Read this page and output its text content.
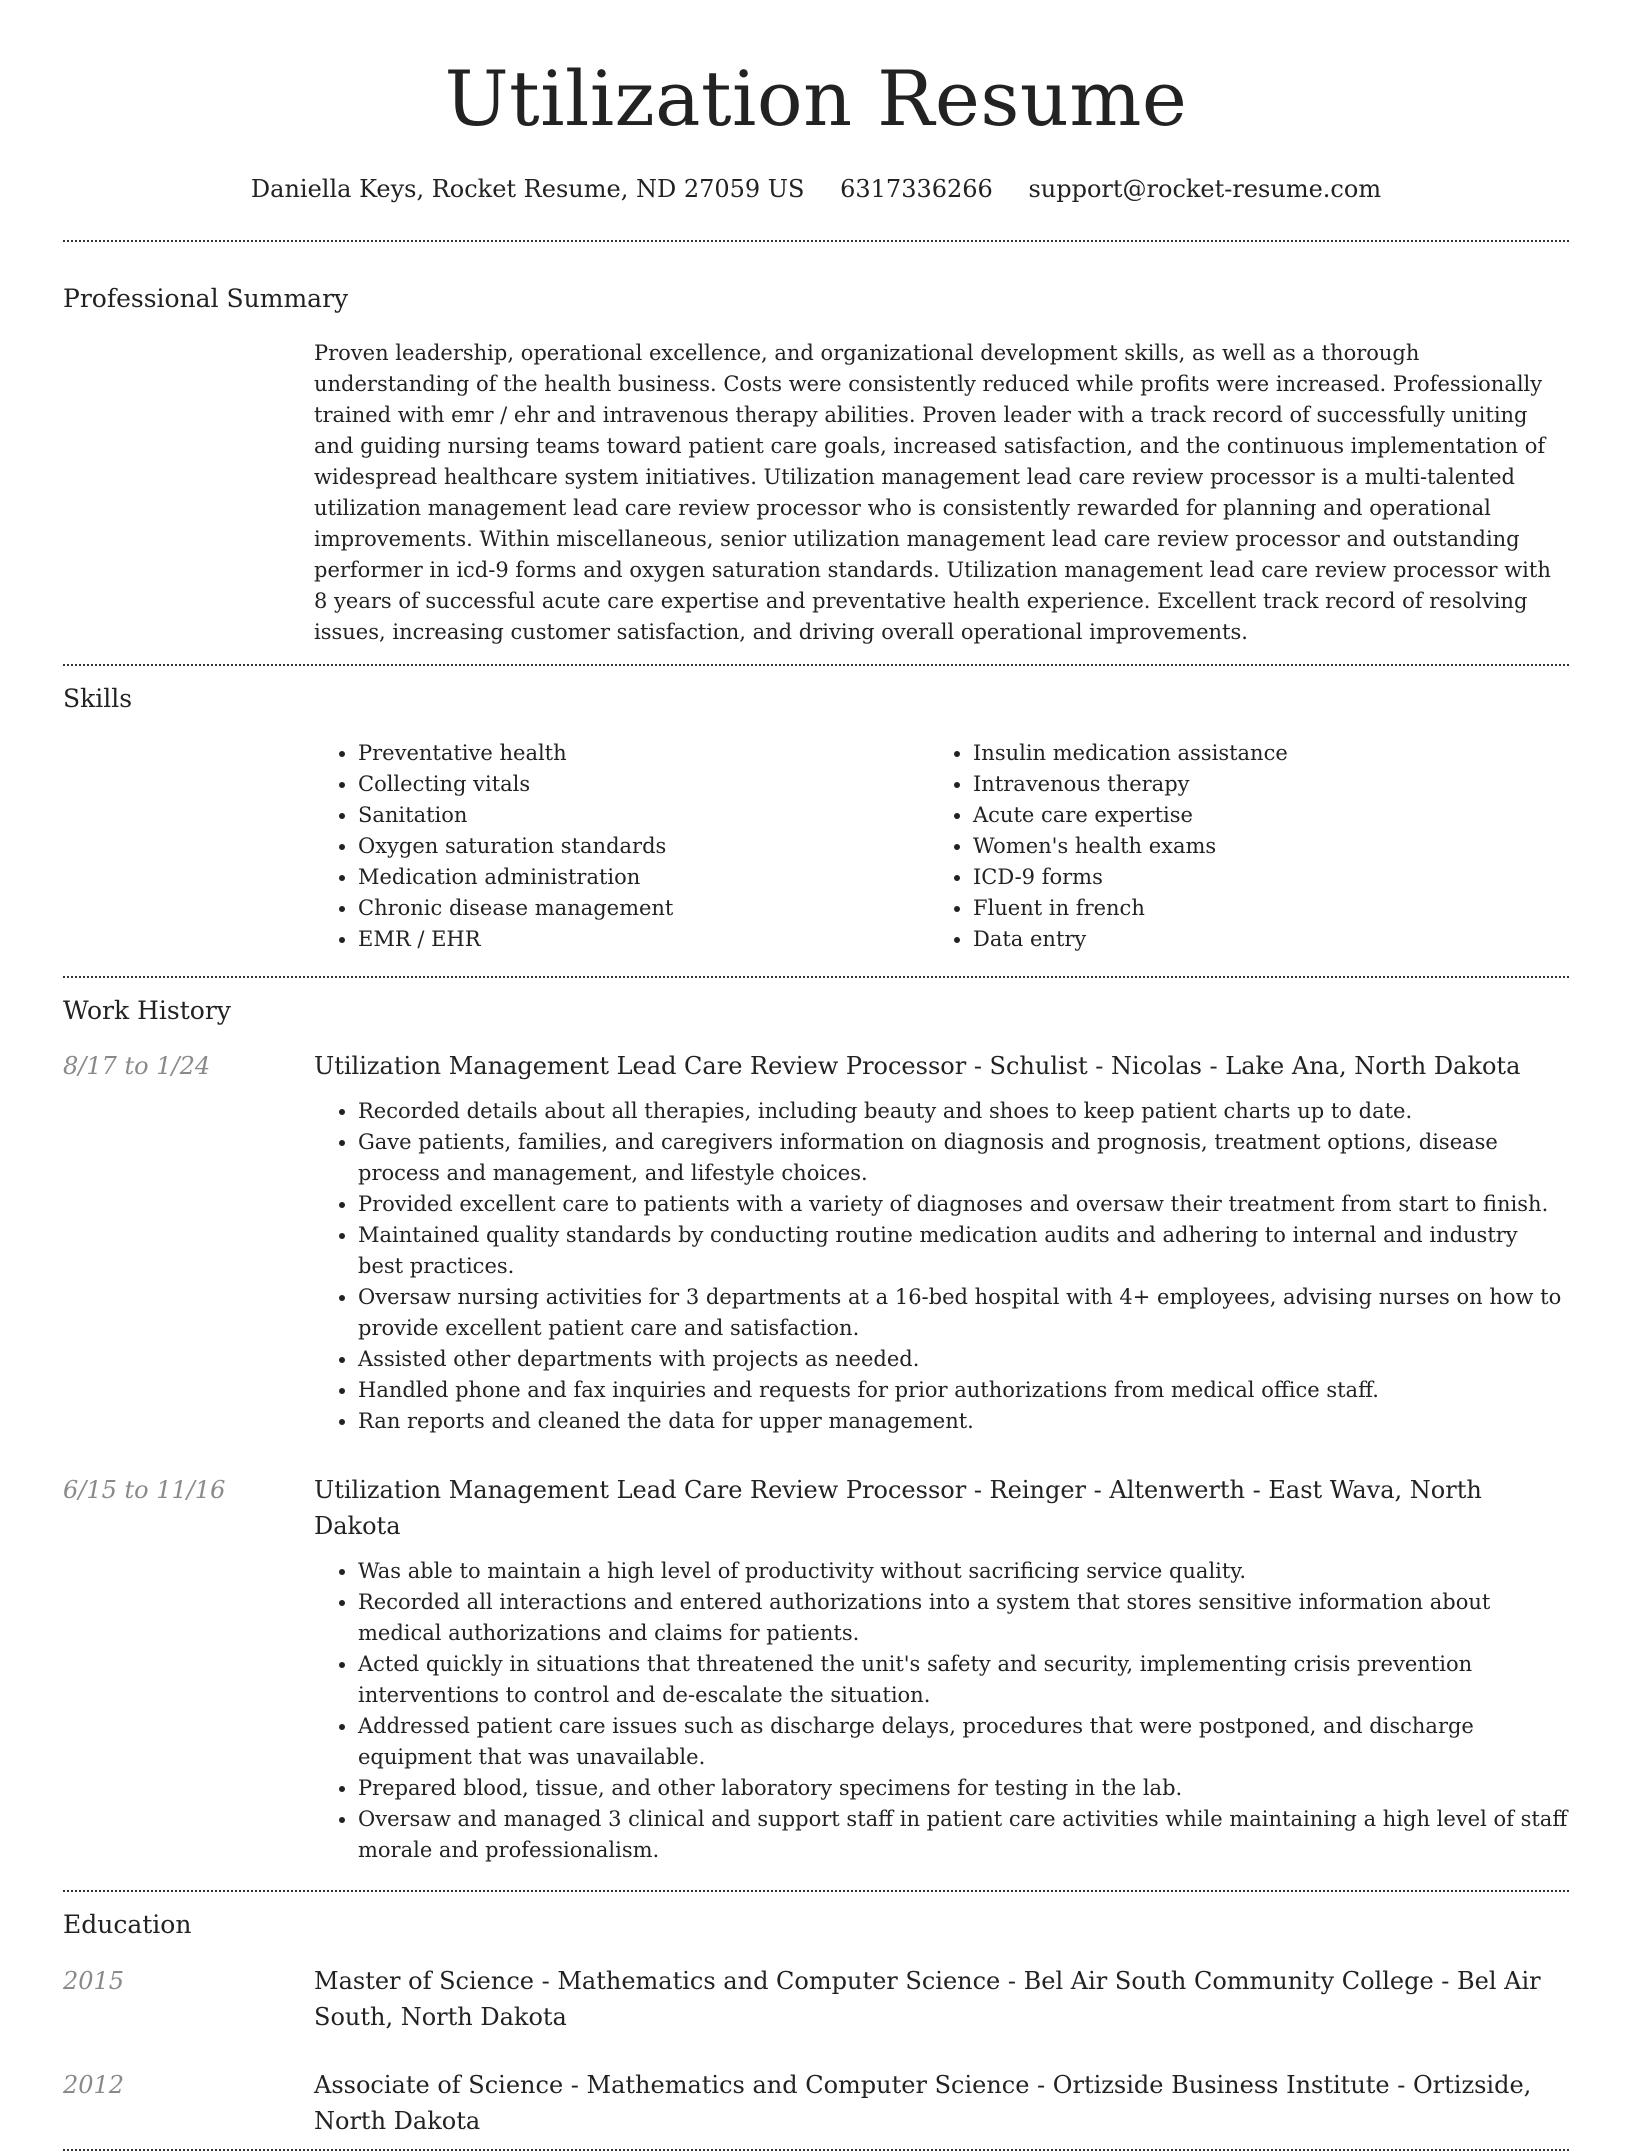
Utilization Resume
Daniella Keys, Rocket Resume, ND 27059 US 6317336266 support@rocket-resume.com
Professional Summary

Proven leadership, operational excellence, and organizational development skills, as well as a thorough understanding of the health business. Costs were consistently reduced while profits were increased. Professionally trained with emr / ehr and intravenous therapy abilities. Proven leader with a track record of successfully uniting and guiding nursing teams toward patient care goals, increased satisfaction, and the continuous implementation of widespread healthcare system initiatives. Utilization management lead care review processor is a multi-talented utilization management lead care review processor who is consistently rewarded for planning and operational improvements. Within miscellaneous, senior utilization management lead care review processor and outstanding performer in icd-9 forms and oxygen saturation standards. Utilization management lead care review processor with 8 years of successful acute care expertise and preventative health experience. Excellent track record of resolving issues, increasing customer satisfaction, and driving overall operational improvements.

Skills
• Preventative health
• Collecting vitals
• Sanitation
• Oxygen saturation standards
• Medication administration
• Chronic disease management
• EMR / EHR
• Insulin medication assistance
• Intravenous therapy
• Acute care expertise
• Women's health exams
• ICD-9 forms
• Fluent in french
• Data entry
Work History
8/17 to 1/24	Utilization Management Lead Care Review Processor - Schulist - Nicolas - Lake Ana, North Dakota
• Recorded details about all therapies, including beauty and shoes to keep patient charts up to date.
• Gave patients, families, and caregivers information on diagnosis and prognosis, treatment options, disease process and management, and lifestyle choices.
• Provided excellent care to patients with a variety of diagnoses and oversaw their treatment from start to finish.
• Maintained quality standards by conducting routine medication audits and adhering to internal and industry best practices.
• Oversaw nursing activities for 3 departments at a 16-bed hospital with 4+ employees, advising nurses on how to provide excellent patient care and satisfaction.
• Assisted other departments with projects as needed.
• Handled phone and fax inquiries and requests for prior authorizations from medical office staff.
• Ran reports and cleaned the data for upper management.
6/15 to 11/16	Utilization Management Lead Care Review Processor - Reinger - Altenwerth - East Wava, North Dakota
• Was able to maintain a high level of productivity without sacrificing service quality.
• Recorded all interactions and entered authorizations into a system that stores sensitive information about medical authorizations and claims for patients.
• Acted quickly in situations that threatened the unit's safety and security, implementing crisis prevention interventions to control and de-escalate the situation.
• Addressed patient care issues such as discharge delays, procedures that were postponed, and discharge equipment that was unavailable.
• Prepared blood, tissue, and other laboratory specimens for testing in the lab.
• Oversaw and managed 3 clinical and support staff in patient care activities while maintaining a high level of staff morale and professionalism.
Education
2015	Master of Science - Mathematics and Computer Science - Bel Air South Community College - Bel Air South, North Dakota
2012	Associate of Science - Mathematics and Computer Science - Ortizside Business Institute - Ortizside, North Dakota
